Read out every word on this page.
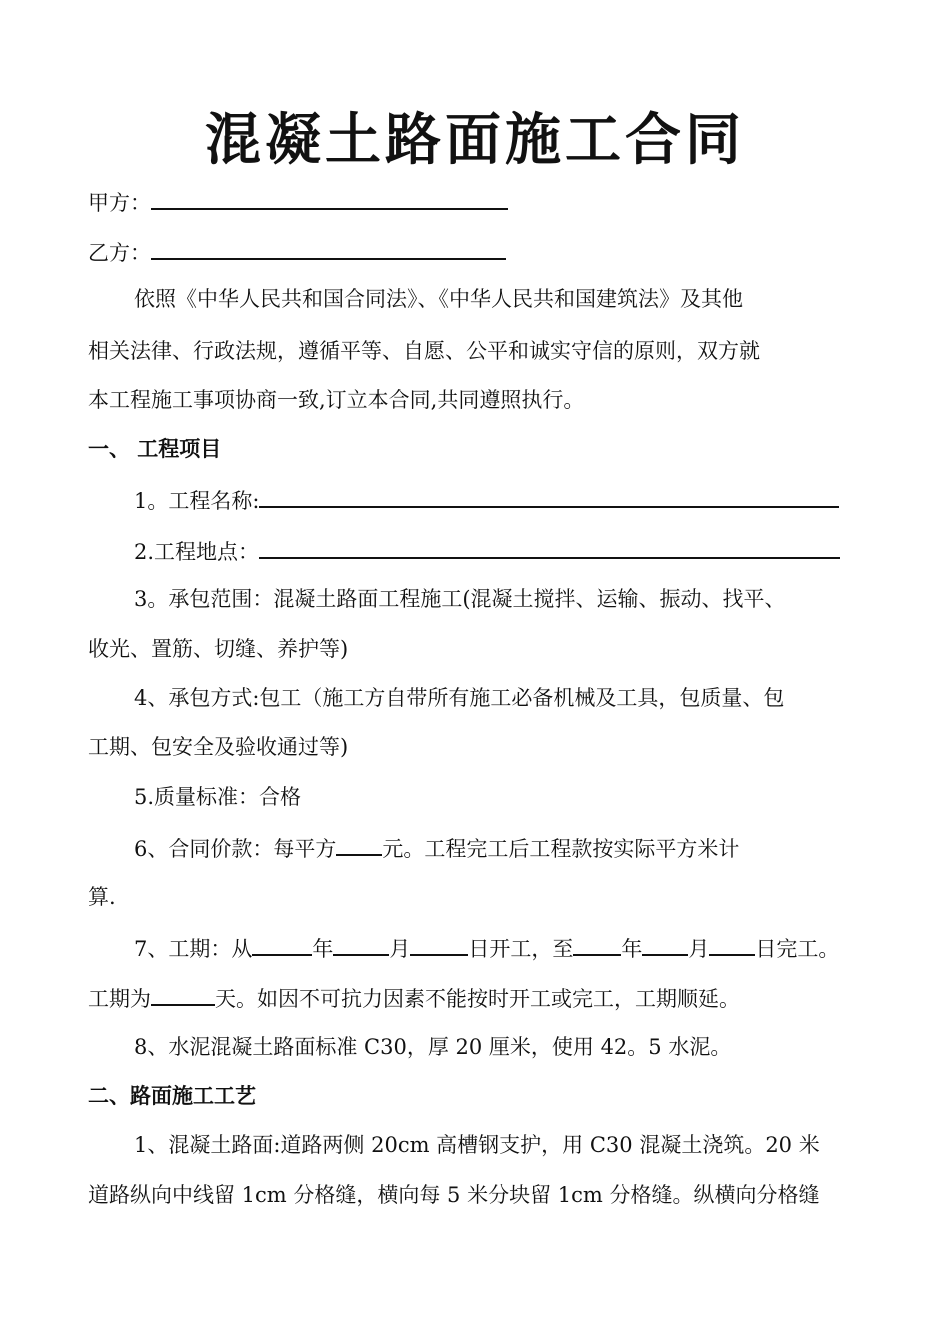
混凝土路面施工合同
甲方：
乙方：
依照《中华人民共和国合同法》、《中华人民共和国建筑法》及其他
相关法律、行政法规，遵循平等、自愿、公平和诚实守信的原则，双方就
本工程施工事项协商一致,订立本合同,共同遵照执行。
一、 工程项目
1。工程名称:
2.工程地点：
3。承包范围：混凝土路面工程施工(混凝土搅拌、运输、振动、找平、
收光、置筋、切缝、养护等)
4、承包方式:包工（施工方自带所有施工必备机械及工具，包质量、包
工期、包安全及验收通过等)
5.质量标准：合格
6、合同价款：每平方 元。工程完工后工程款按实际平方米计
算.
7、工期：从	年	月	日开工，至 年 月 日完工。
工期为	天。如因不可抗力因素不能按时开工或完工，工期顺延。
8、水泥混凝土路面标准 C30，厚 20 厘米，使用 42。5 水泥。
二、路面施工工艺
1、混凝土路面:道路两侧 20cm 高槽钢支护，用 C30 混凝土浇筑。20 米
道路纵向中线留 1cm 分格缝，横向每 5 米分块留 1cm 分格缝。纵横向分格缝
